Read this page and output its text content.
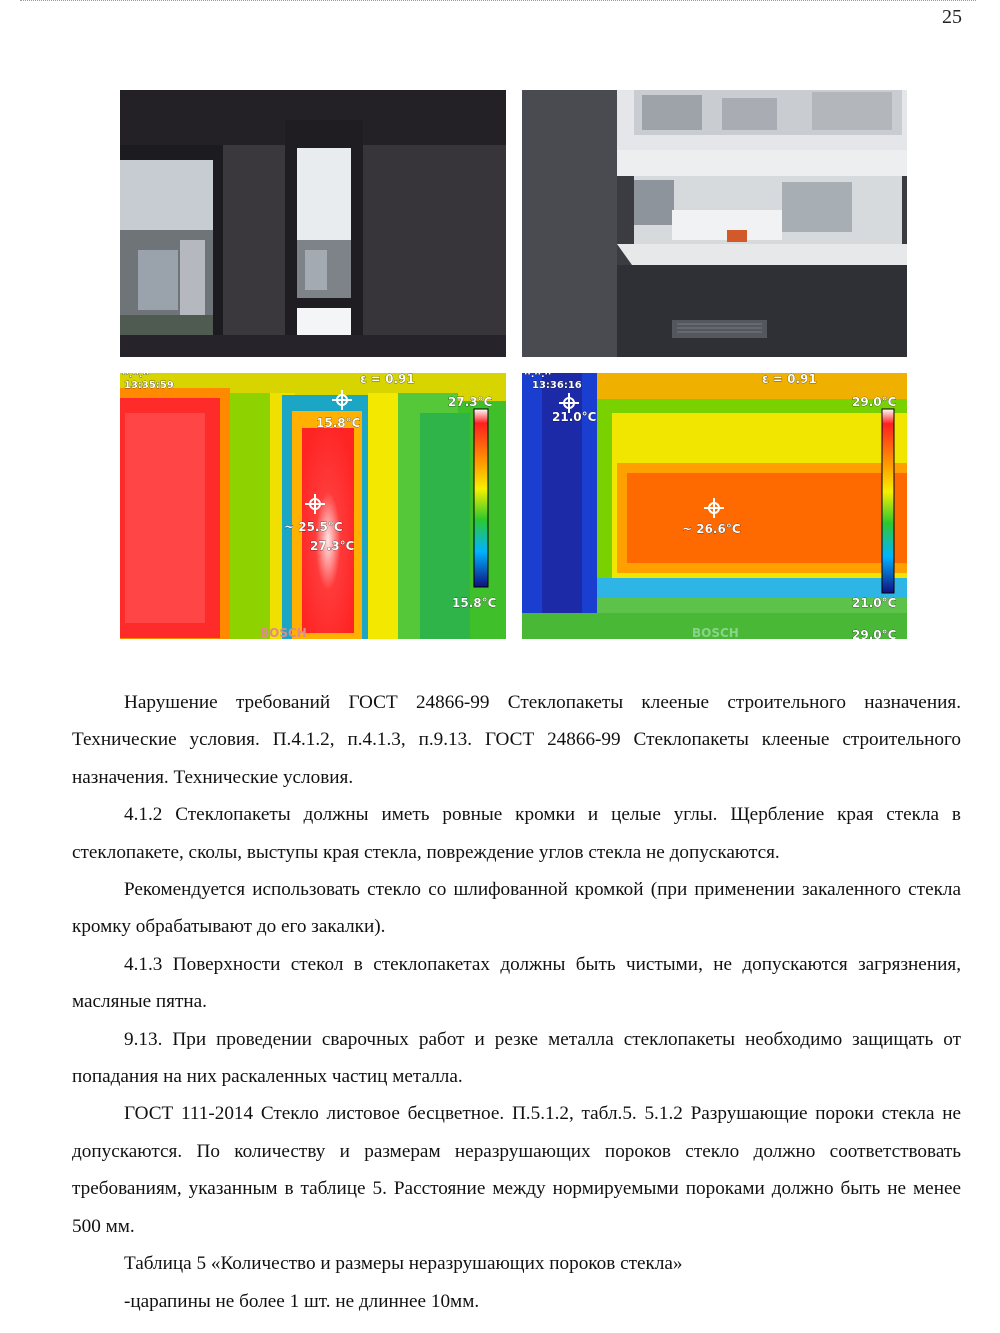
25
··.··.··
13:35:59	ε = 0.91
27.3°C
15.8°C
15.8°C
~ 25.5°C
27.3°C
BOSCH
··.··.··
13:36:16	ε = 0.91
29.0°C
21.0°C
29.0°C
21.0°C
~ 26.6°C
BOSCH

Нарушение требований ГОСТ 24866-99 Стеклопакеты клееные строительного назначения. Технические условия. П.4.1.2, п.4.1.3, п.9.13. ГОСТ 24866-99 Стеклопакеты клееные строительного назначения. Технические условия.

4.1.2 Стеклопакеты должны иметь ровные кромки и целые углы. Щербление края стекла в стеклопакете, сколы, выступы края стекла, повреждение углов стекла не допускаются.

Рекомендуется использовать стекло со шлифованной кромкой (при применении закаленного стекла кромку обрабатывают до его закалки).

4.1.3 Поверхности стекол в стеклопакетах должны быть чистыми, не допускаются загрязнения, масляные пятна.

9.13. При проведении сварочных работ и резке металла стеклопакеты необходимо защищать от попадания на них раскаленных частиц металла.

ГОСТ 111-2014 Стекло листовое бесцветное. П.5.1.2, табл.5. 5.1.2 Разрушающие пороки стекла не допускаются. По количеству и размерам неразрушающих пороков стекло должно соответствовать требованиям, указанным в таблице 5. Расстояние между нормируемыми пороками должно быть не менее 500 мм.

Таблица 5 «Количество и размеры неразрушающих пороков стекла»

-царапины не более 1 шт. не длиннее 10мм.
